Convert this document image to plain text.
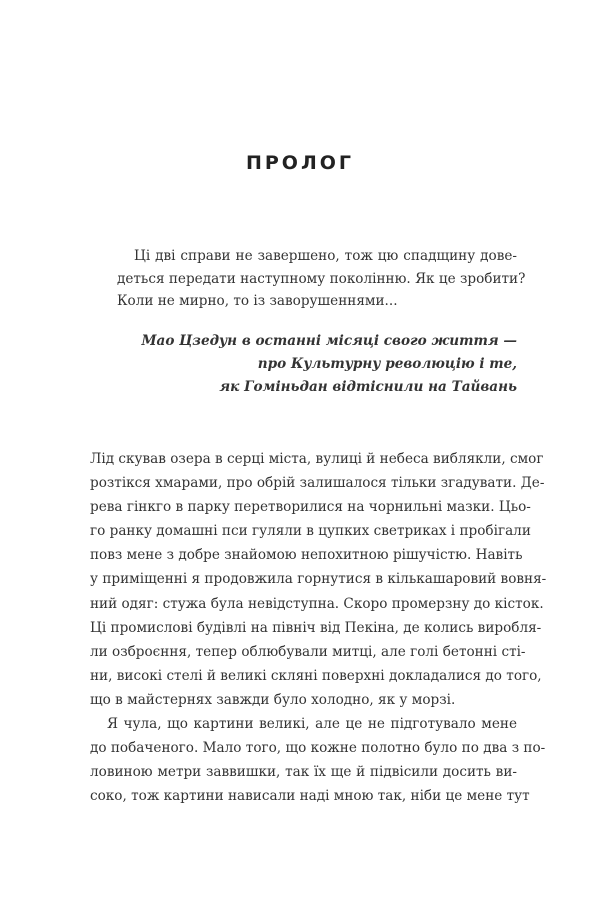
ПРОЛОГ
Ці дві справи не завершено, тож цю спадщину дове-
деться передати наступному поколінню. Як це зробити?
Коли не мирно, то із заворушеннями...
Мао Цзедун в останні місяці свого життя —
про Культурну революцію і те,
як Гоміньдан відтіснили на Тайвань
Лід скував озера в серці міста, вулиці й небеса виблякли, смог
розтікся хмарами, про обрій залишалося тільки згадувати. Де-
рева гінкго в парку перетворилися на чорнильні мазки. Цьо-
го ранку домашні пси гуляли в цупких светриках і пробігали
повз мене з добре знайомою непохитною рішучістю. Навіть
у приміщенні я продовжила горнутися в кількашаровий вовня-
ний одяг: стужа була невідступна. Скоро промерзну до кісток.
Ці промислові будівлі на північ від Пекіна, де колись виробля-
ли озброєння, тепер облюбували митці, але голі бетонні сті-
ни, високі стелі й великі скляні поверхні докладалися до того,
що в майстернях завжди було холодно, як у морзі.
Я чула, що картини великі, але це не підготувало мене
до побаченого. Мало того, що кожне полотно було по два з по-
ловиною метри заввишки, так їх ще й підвісили досить ви-
соко, тож картини нависали наді мною так, ніби це мене тут
